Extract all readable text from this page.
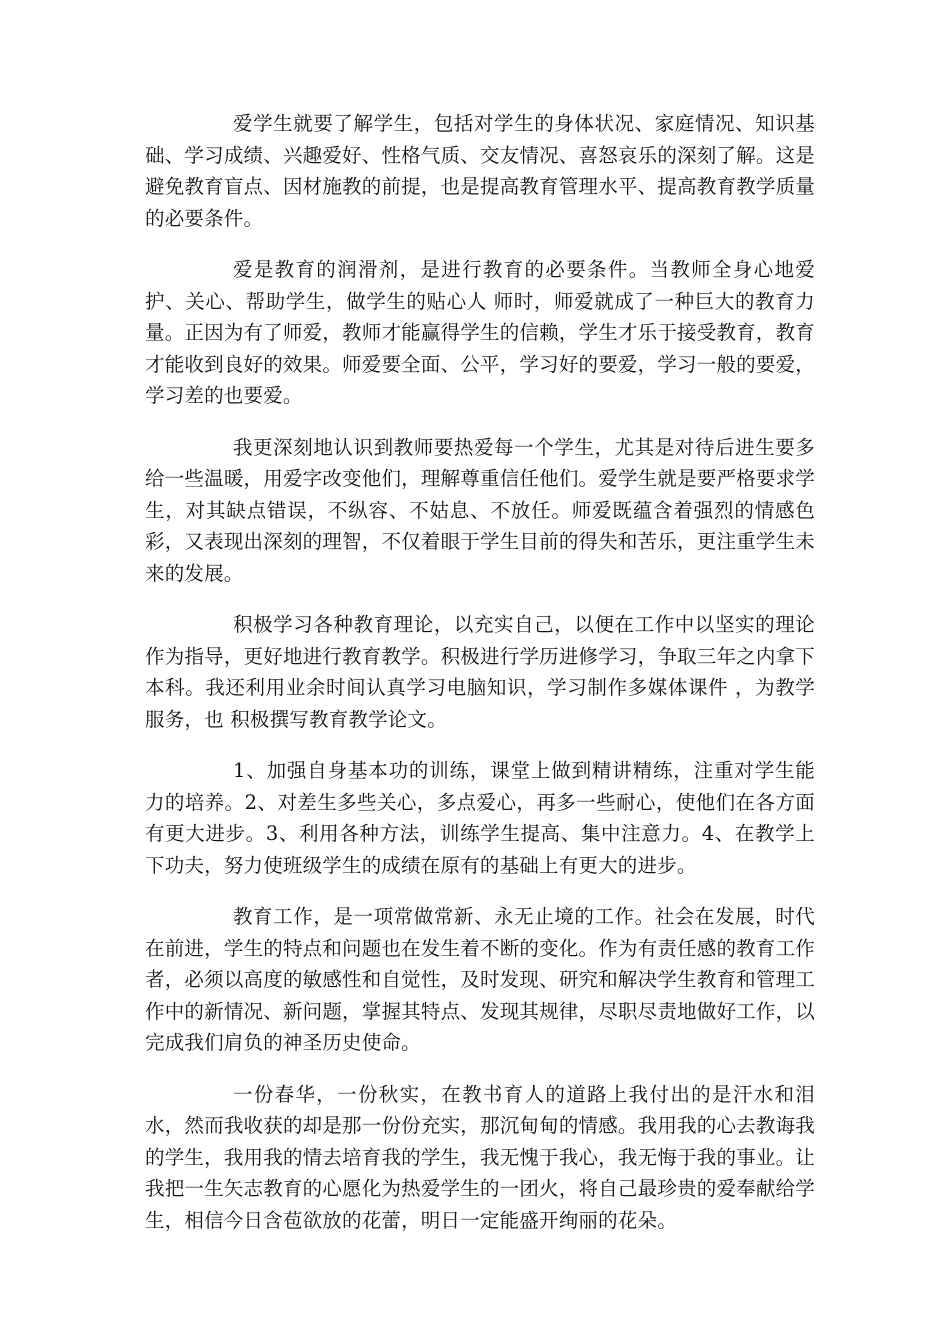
爱学生就要了解学生，包括对学生的身体状况、家庭情况、知识基础、学习成绩、兴趣爱好、性格气质、交友情况、喜怒哀乐的深刻了解。这是避免教育盲点、因材施教的前提，也是提高教育管理水平、提高教育教学质量的必要条件。

爱是教育的润滑剂，是进行教育的必要条件。当教师全身心地爱护、关心、帮助学生，做学生的贴心人 师时，师爱就成了一种巨大的教育力量。正因为有了师爱，教师才能赢得学生的信赖，学生才乐于接受教育，教育才能收到良好的效果。师爱要全面、公平，学习好的要爱，学习一般的要爱，学习差的也要爱。

我更深刻地认识到教师要热爱每一个学生，尤其是对待后进生要多给一些温暖，用爱字改变他们，理解尊重信任他们。爱学生就是要严格要求学生，对其缺点错误，不纵容、不姑息、不放任。师爱既蕴含着强烈的情感色彩，又表现出深刻的理智，不仅着眼于学生目前的得失和苦乐，更注重学生未来的发展。

积极学习各种教育理论，以充实自己，以便在工作中以坚实的理论作为指导，更好地进行教育教学。积极进行学历进修学习，争取三年之内拿下本科。我还利用业余时间认真学习电脑知识，学习制作多媒体课件 ，为教学服务，也 积极撰写教育教学论文。

1、加强自身基本功的训练，课堂上做到精讲精练，注重对学生能力的培养。2、对差生多些关心，多点爱心，再多一些耐心，使他们在各方面有更大进步。3、利用各种方法，训练学生提高、集中注意力。4、在教学上下功夫，努力使班级学生的成绩在原有的基础上有更大的进步。

教育工作，是一项常做常新、永无止境的工作。社会在发展，时代在前进，学生的特点和问题也在发生着不断的变化。作为有责任感的教育工作者，必须以高度的敏感性和自觉性，及时发现、研究和解决学生教育和管理工作中的新情况、新问题，掌握其特点、发现其规律，尽职尽责地做好工作，以完成我们肩负的神圣历史使命。

一份春华，一份秋实，在教书育人的道路上我付出的是汗水和泪水，然而我收获的却是那一份份充实，那沉甸甸的情感。我用我的心去教诲我的学生，我用我的情去培育我的学生，我无愧于我心，我无悔于我的事业。让我把一生矢志教育的心愿化为热爱学生的一团火，将自己最珍贵的爱奉献给学生，相信今日含苞欲放的花蕾，明日一定能盛开绚丽的花朵。
